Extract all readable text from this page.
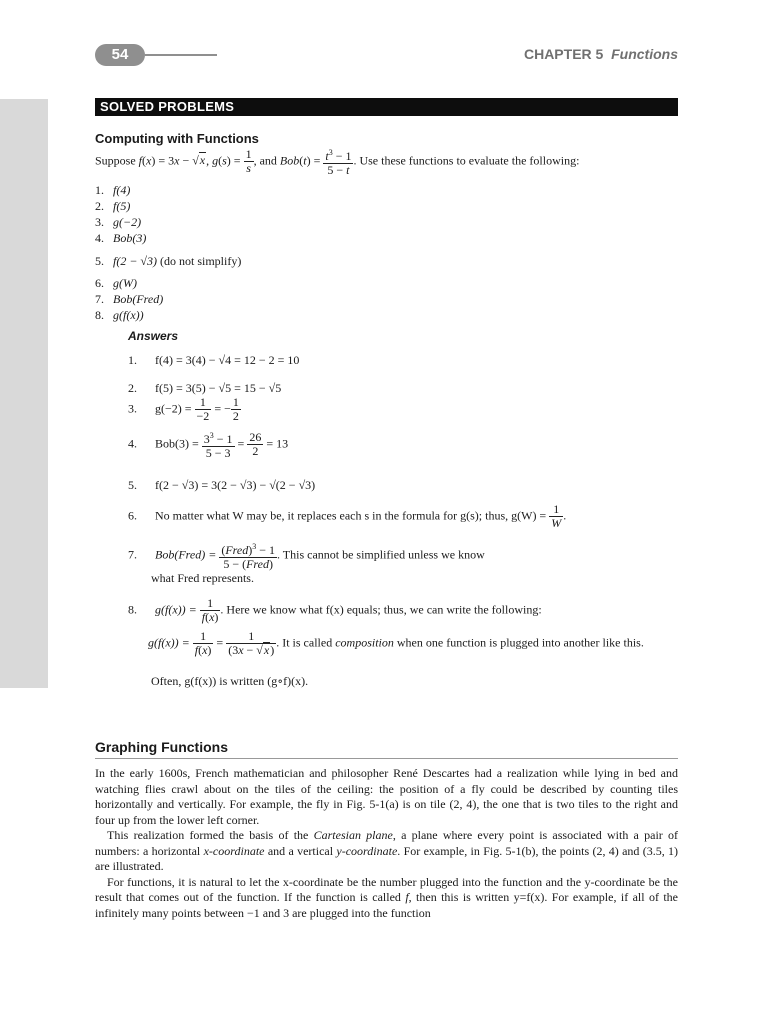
54	CHAPTER 5 Functions
SOLVED PROBLEMS
Computing with Functions
Suppose f(x) = 3x − √x, $g(s) = \frac{1}{s}$ , and $Bob(t) = \frac{t^3 - 1}{5 - t}$ . Use these functions to evaluate the following:
1. f(4)
2. f(5)
3. g(−2)
4. Bob(3)
5. f(2 − √3) (do not simplify)
6. g(W)
7. Bob(Fred)
8. g(f(x))
Answers
1.      f(4) = 3(4) − √4 = 12 − 2 = 10
2.      f(5) = 3(5) − √5 = 15 − √5
3.      $g(-2) = \frac{1}{-2}$ = − $\frac{1}{2}$
4.      $Bob(3) = \frac{3^3 - 1}{5 - 3} = \frac{26}{2} = 13$
5.      f(2 − √3) = 3(2 − √3) − √(2 − √3)
6.      No matter what W may be, it replaces each s in the formula for g(s); thus, $g(W) = \frac{1}{W}$ .
7.      Bob(Fred) = $\frac{(Fred)^3 - 1}{\text{5 − (Fred)}}$ . This cannot be simplified unless we know
what Fred represents.
8.      $g(f(x)) = \frac{1}{f(x)}$ . Here we know what f(x) equals; thus, we can write the following:
$g(f(x)) = \frac{1}{f(x)} = \frac{1}{(3x - √x)}$ . It is called composition when one function is plugged into another like this.
Often, g(f(x)) is written (g∘f)(x).
Graphing Functions

In the early 1600s, French mathematician and philosopher René Descartes had a realization while lying in bed and watching flies crawl about on the tiles of the ceiling: the position of a fly could be described by counting tiles horizontally and vertically. For example, the fly in Fig. 5-1(a) is on tile (2, 4), the one that is two tiles to the right and four up from the lower left corner.

This realization formed the basis of the Cartesian plane, a plane where every point is associated with a pair of numbers: a horizontal x-coordinate and a vertical y-coordinate. For example, in Fig. 5-1(b), the points (2, 4) and (3.5, 1) are illustrated.

For functions, it is natural to let the x-coordinate be the number plugged into the function and the y-coordinate be the result that comes out of the function. If the function is called f, then this is written y=f(x). For example, if all of the infinitely many points between −1 and 3 are plugged into the function
